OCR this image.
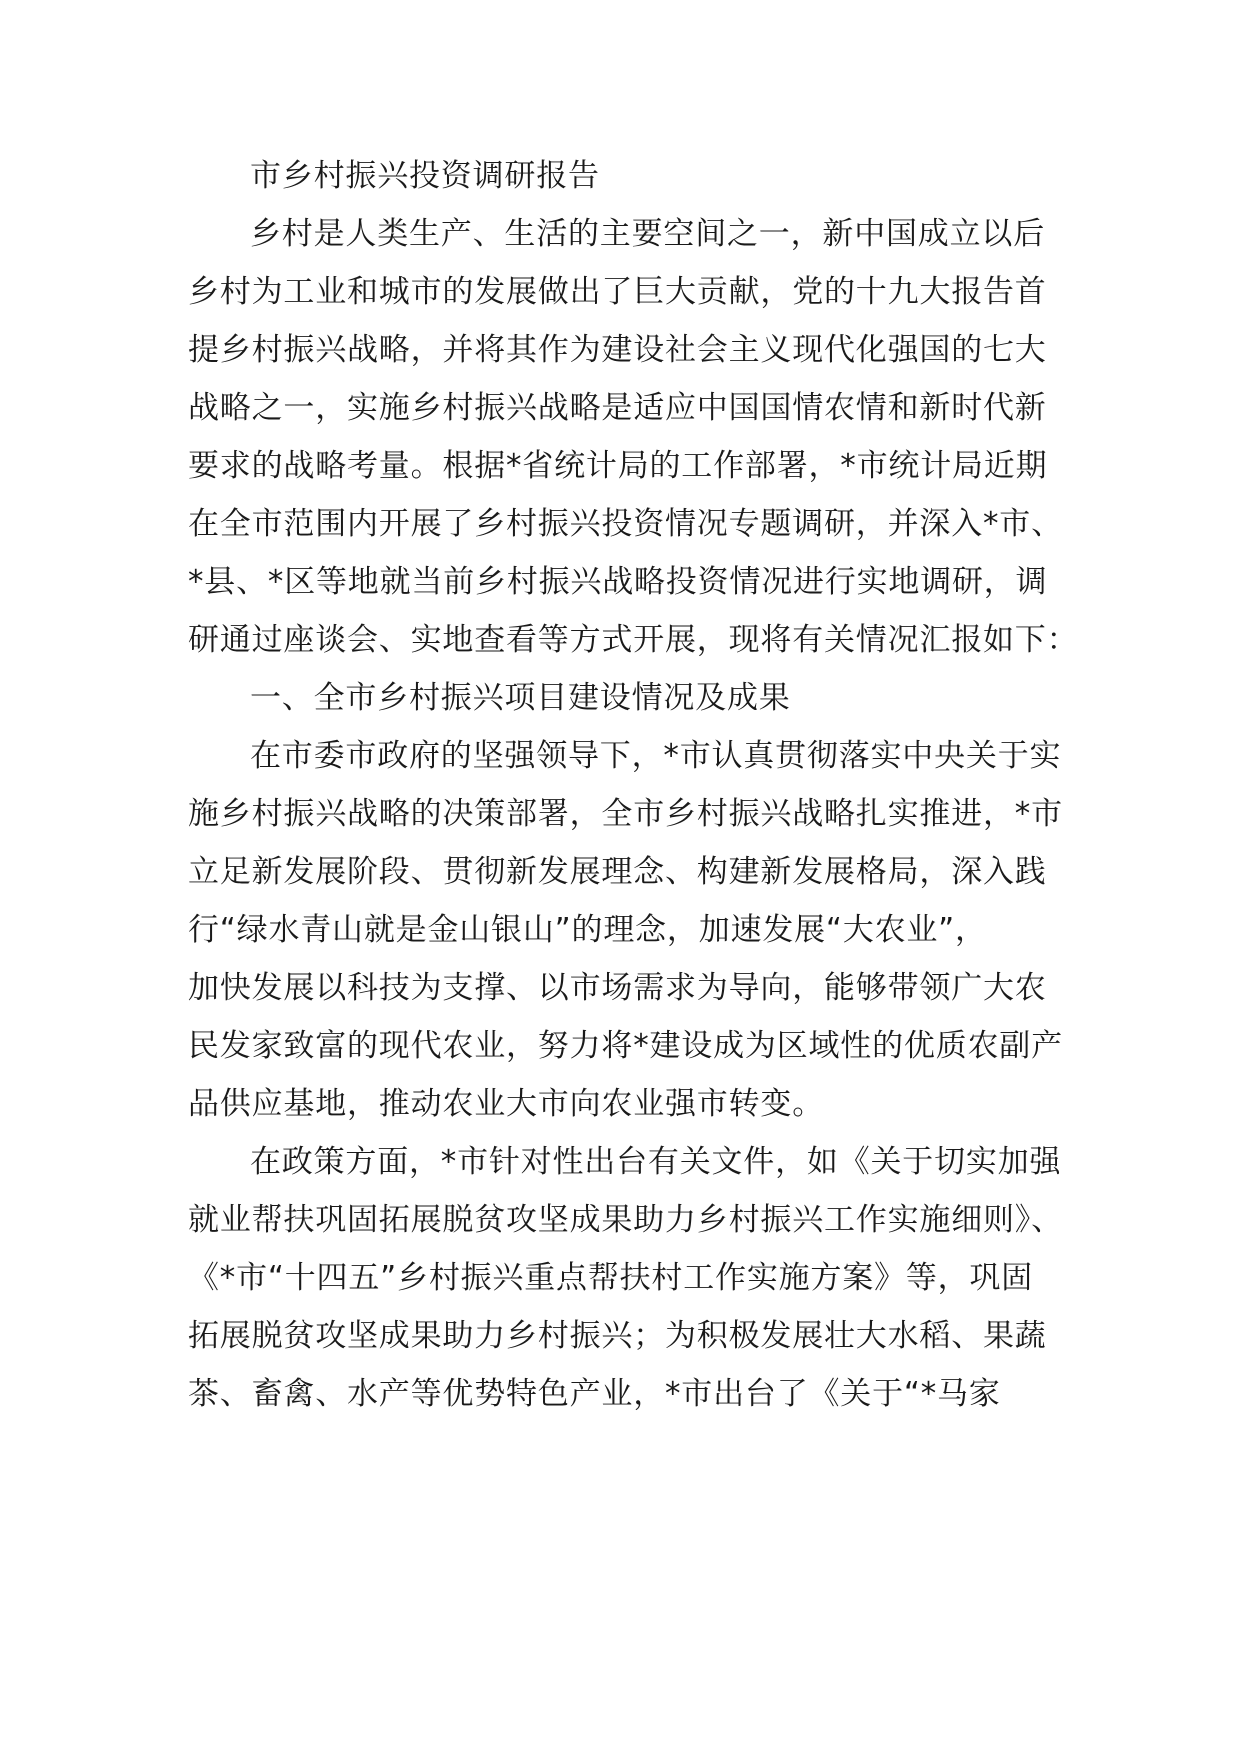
市乡村振兴投资调研报告
乡村是人类生产、生活的主要空间之一，新中国成立以后
乡村为工业和城市的发展做出了巨大贡献，党的十九大报告首
提乡村振兴战略，并将其作为建设社会主义现代化强国的七大
战略之一，实施乡村振兴战略是适应中国国情农情和新时代新
要求的战略考量。根据*省统计局的工作部署，*市统计局近期
在全市范围内开展了乡村振兴投资情况专题调研，并深入*市、
*县、*区等地就当前乡村振兴战略投资情况进行实地调研，调
研通过座谈会、实地查看等方式开展，现将有关情况汇报如下：
一、全市乡村振兴项目建设情况及成果
在市委市政府的坚强领导下，*市认真贯彻落实中央关于实
施乡村振兴战略的决策部署，全市乡村振兴战略扎实推进，*市
立足新发展阶段、贯彻新发展理念、构建新发展格局，深入践
行“绿水青山就是金山银山”的理念，加速发展“大农业”，
加快发展以科技为支撑、以市场需求为导向，能够带领广大农
民发家致富的现代农业，努力将*建设成为区域性的优质农副产
品供应基地，推动农业大市向农业强市转变。
在政策方面，*市针对性出台有关文件，如《关于切实加强
就业帮扶巩固拓展脱贫攻坚成果助力乡村振兴工作实施细则》、
《*市“十四五”乡村振兴重点帮扶村工作实施方案》等，巩固
拓展脱贫攻坚成果助力乡村振兴；为积极发展壮大水稻、果蔬
茶、畜禽、水产等优势特色产业，*市出台了《关于“*马家
